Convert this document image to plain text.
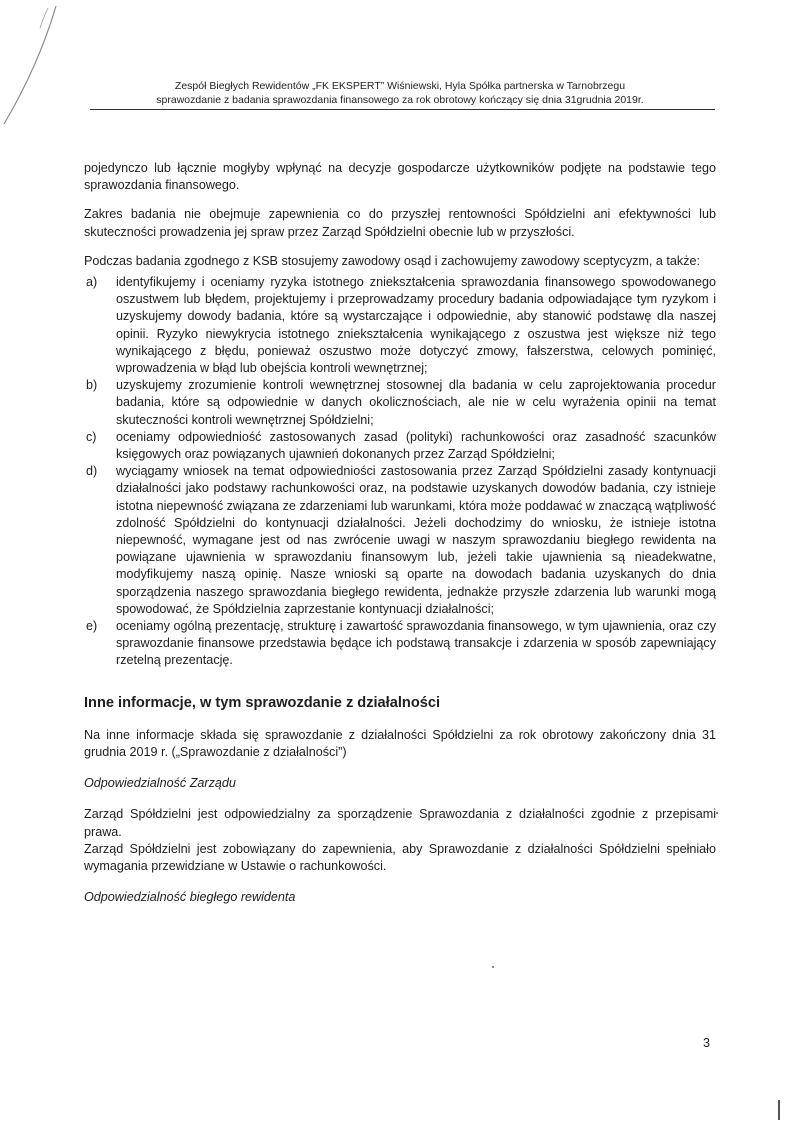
Zespół Biegłych Rewidentów „FK EKSPERT” Wiśniewski, Hyla Spółka partnerska w Tarnobrzegu
sprawozdanie z badania sprawozdania finansowego za rok obrotowy kończący się dnia 31grudnia 2019r.

pojedynczo lub łącznie mogłyby wpłynąć na decyzje gospodarcze użytkowników podjęte na podstawie tego sprawozdania finansowego.

Zakres badania nie obejmuje zapewnienia co do przyszłej rentowności Spółdzielni ani efektywności lub skuteczności prowadzenia jej spraw przez Zarząd Spółdzielni obecnie lub w przyszłości.

Podczas badania zgodnego z KSB stosujemy zawodowy osąd i zachowujemy zawodowy sceptycyzm, a także:

a) identyfikujemy i oceniamy ryzyka istotnego zniekształcenia sprawozdania finansowego spowodowanego oszustwem lub błędem, projektujemy i przeprowadzamy procedury badania odpowiadające tym ryzykom i uzyskujemy dowody badania, które są wystarczające i odpowiednie, aby stanowić podstawę dla naszej opinii. Ryzyko niewykrycia istotnego zniekształcenia wynikającego z oszustwa jest większe niż tego wynikającego z błędu, ponieważ oszustwo może dotyczyć zmowy, fałszerstwa, celowych pominięć, wprowadzenia w błąd lub obejścia kontroli wewnętrznej;

b) uzyskujemy zrozumienie kontroli wewnętrznej stosownej dla badania w celu zaprojektowania procedur badania, które są odpowiednie w danych okolicznościach, ale nie w celu wyrażenia opinii na temat skuteczności kontroli wewnętrznej Spółdzielni;

c) oceniamy odpowiedniość zastosowanych zasad (polityki) rachunkowości oraz zasadność szacunków księgowych oraz powiązanych ujawnień dokonanych przez Zarząd Spółdzielni;

d) wyciągamy wniosek na temat odpowiedniości zastosowania przez Zarząd Spółdzielni zasady kontynuacji działalności jako podstawy rachunkowości oraz, na podstawie uzyskanych dowodów badania, czy istnieje istotna niepewność związana ze zdarzeniami lub warunkami, która może poddawać w znaczącą wątpliwość zdolność Spółdzielni do kontynuacji działalności. Jeżeli dochodzimy do wniosku, że istnieje istotna niepewność, wymagane jest od nas zwrócenie uwagi w naszym sprawozdaniu biegłego rewidenta na powiązane ujawnienia w sprawozdaniu finansowym lub, jeżeli takie ujawnienia są nieadekwatne, modyfikujemy naszą opinię. Nasze wnioski są oparte na dowodach badania uzyskanych do dnia sporządzenia naszego sprawozdania biegłego rewidenta, jednakże przyszłe zdarzenia lub warunki mogą spowodować, że Spółdzielnia zaprzestanie kontynuacji działalności;

e) oceniamy ogólną prezentację, strukturę i zawartość sprawozdania finansowego, w tym ujawnienia, oraz czy sprawozdanie finansowe przedstawia będące ich podstawą transakcje i zdarzenia w sposób zapewniający rzetelną prezentację.

Inne informacje, w tym sprawozdanie z działalności

Na inne informacje składa się sprawozdanie z działalności Spółdzielni za rok obrotowy zakończony dnia 31 grudnia 2019 r. („Sprawozdanie z działalności”)

Odpowiedzialność Zarządu

Zarząd Spółdzielni jest odpowiedzialny za sporządzenie Sprawozdania z działalności zgodnie z przepisami prawa.

Zarząd Spółdzielni jest zobowiązany do zapewnienia, aby Sprawozdanie z działalności Spółdzielni spełniało wymagania przewidziane w Ustawie o rachunkowości.

Odpowiedzialność biegłego rewidenta
3
